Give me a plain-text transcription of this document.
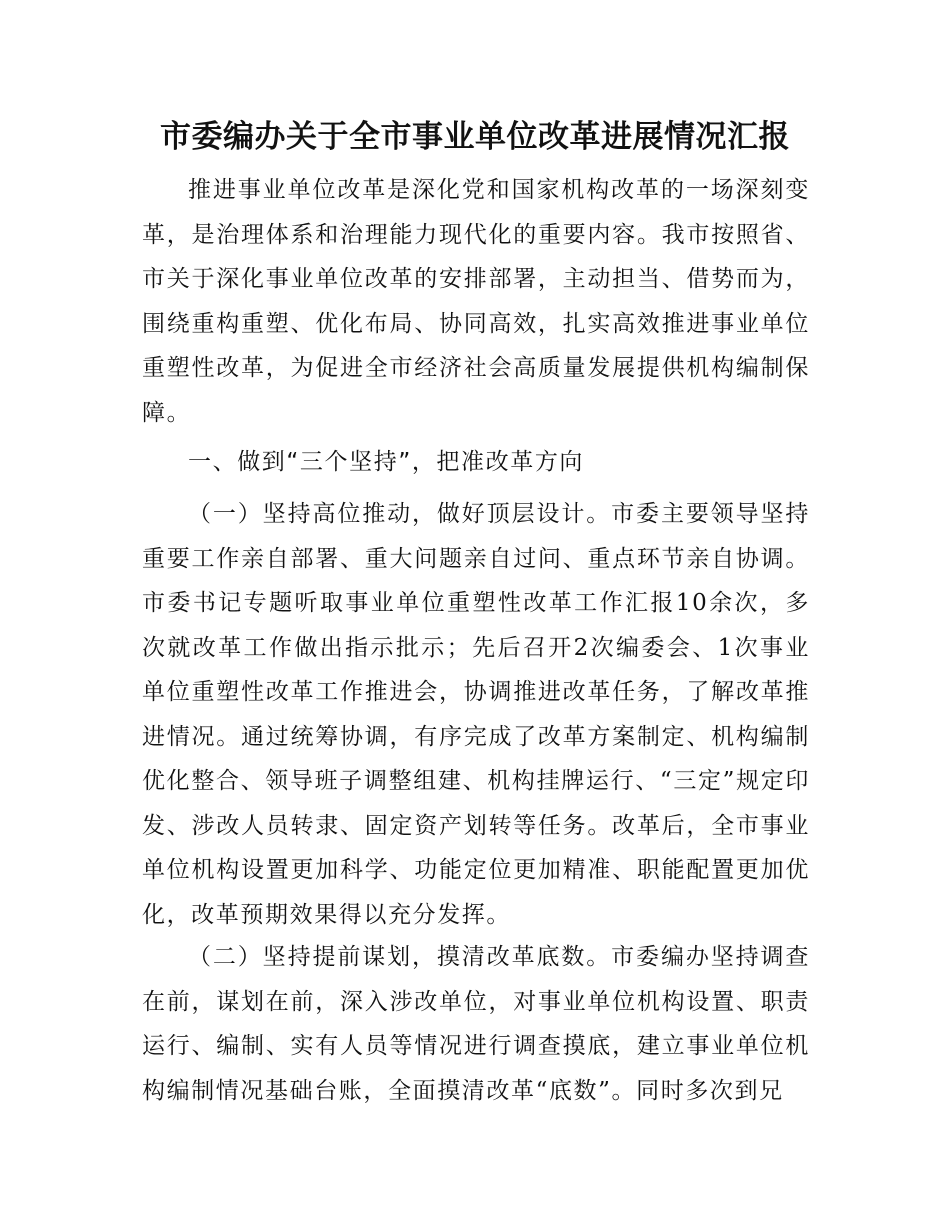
市委编办关于全市事业单位改革进展情况汇报

推进事业单位改革是深化党和国家机构改革的一场深刻变革，是治理体系和治理能力现代化的重要内容。我市按照省、市关于深化事业单位改革的安排部署，主动担当、借势而为，围绕重构重塑、优化布局、协同高效，扎实高效推进事业单位重塑性改革，为促进全市经济社会高质量发展提供机构编制保障。

一、做到“三个坚持”，把准改革方向

（一）坚持高位推动，做好顶层设计。市委主要领导坚持重要工作亲自部署、重大问题亲自过问、重点环节亲自协调。市委书记专题听取事业单位重塑性改革工作汇报10余次，多次就改革工作做出指示批示；先后召开2次编委会、1次事业单位重塑性改革工作推进会，协调推进改革任务，了解改革推进情况。通过统筹协调，有序完成了改革方案制定、机构编制优化整合、领导班子调整组建、机构挂牌运行、“三定”规定印发、涉改人员转隶、固定资产划转等任务。改革后，全市事业单位机构设置更加科学、功能定位更加精准、职能配置更加优化，改革预期效果得以充分发挥。

（二）坚持提前谋划，摸清改革底数。市委编办坚持调查在前，谋划在前，深入涉改单位，对事业单位机构设置、职责运行、编制、实有人员等情况进行调查摸底，建立事业单位机构编制情况基础台账，全面摸清改革“底数”。同时多次到兄
